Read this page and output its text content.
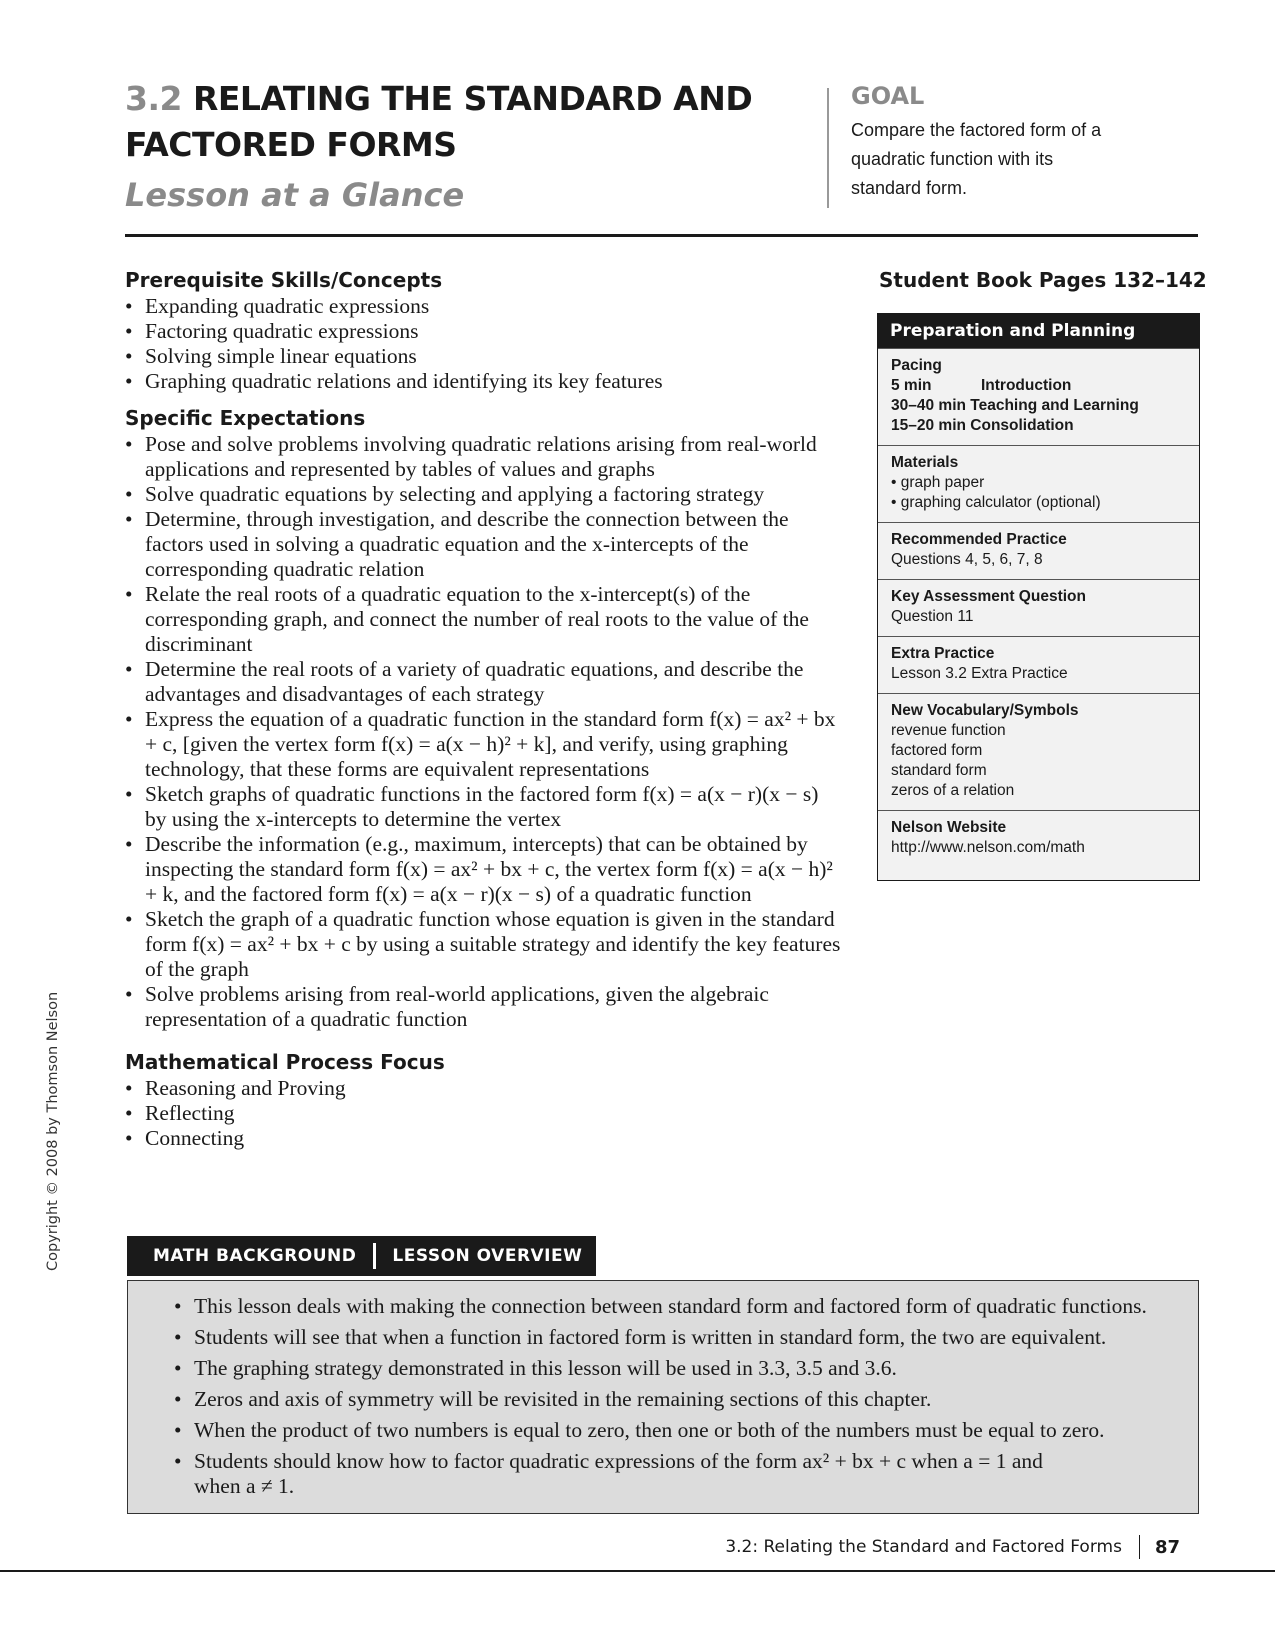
3.2 RELATING THE STANDARD AND
FACTORED FORMS
Lesson at a Glance
GOAL
Compare the factored form of a quadratic function with its standard form.
Prerequisite Skills/Concepts
• Expanding quadratic expressions
• Factoring quadratic expressions
• Solving simple linear equations
• Graphing quadratic relations and identifying its key features
Specific Expectations
• Pose and solve problems involving quadratic relations arising from real-world applications and represented by tables of values and graphs
• Solve quadratic equations by selecting and applying a factoring strategy
• Determine, through investigation, and describe the connection between the factors used in solving a quadratic equation and the x-intercepts of the corresponding quadratic relation
• Relate the real roots of a quadratic equation to the x-intercept(s) of the corresponding graph, and connect the number of real roots to the value of the discriminant
• Determine the real roots of a variety of quadratic equations, and describe the advantages and disadvantages of each strategy
• Express the equation of a quadratic function in the standard form f(x) = ax² + bx + c, [given the vertex form f(x) = a(x − h)² + k], and verify, using graphing technology, that these forms are equivalent representations
• Sketch graphs of quadratic functions in the factored form f(x) = a(x − r)(x − s) by using the x-intercepts to determine the vertex
• Describe the information (e.g., maximum, intercepts) that can be obtained by inspecting the standard form f(x) = ax² + bx + c, the vertex form f(x) = a(x − h)² + k, and the factored form f(x) = a(x − r)(x − s) of a quadratic function
• Sketch the graph of a quadratic function whose equation is given in the standard form f(x) = ax² + bx + c by using a suitable strategy and identify the key features of the graph
• Solve problems arising from real-world applications, given the algebraic representation of a quadratic function
Mathematical Process Focus
• Reasoning and Proving
• Reflecting
• Connecting
Student Book Pages 132–142
Preparation and Planning
Pacing
5 min	Introduction
30–40 min Teaching and Learning
15–20 min Consolidation
Materials
• graph paper
• graphing calculator (optional)
Recommended Practice
Questions 4, 5, 6, 7, 8
Key Assessment Question
Question 11
Extra Practice
Lesson 3.2 Extra Practice
New Vocabulary/Symbols
revenue function
factored form
standard form
zeros of a relation
Nelson Website
http://www.nelson.com/math
MATH BACKGROUND	LESSON OVERVIEW
• This lesson deals with making the connection between standard form and factored form of quadratic functions.
• Students will see that when a function in factored form is written in standard form, the two are equivalent.
• The graphing strategy demonstrated in this lesson will be used in 3.3, 3.5 and 3.6.
• Zeros and axis of symmetry will be revisited in the remaining sections of this chapter.
• When the product of two numbers is equal to zero, then one or both of the numbers must be equal to zero.
• Students should know how to factor quadratic expressions of the form ax² + bx + c when a = 1 and when a ≠ 1.
3.2: Relating the Standard and Factored Forms 87
Copyright © 2008 by Thomson Nelson
